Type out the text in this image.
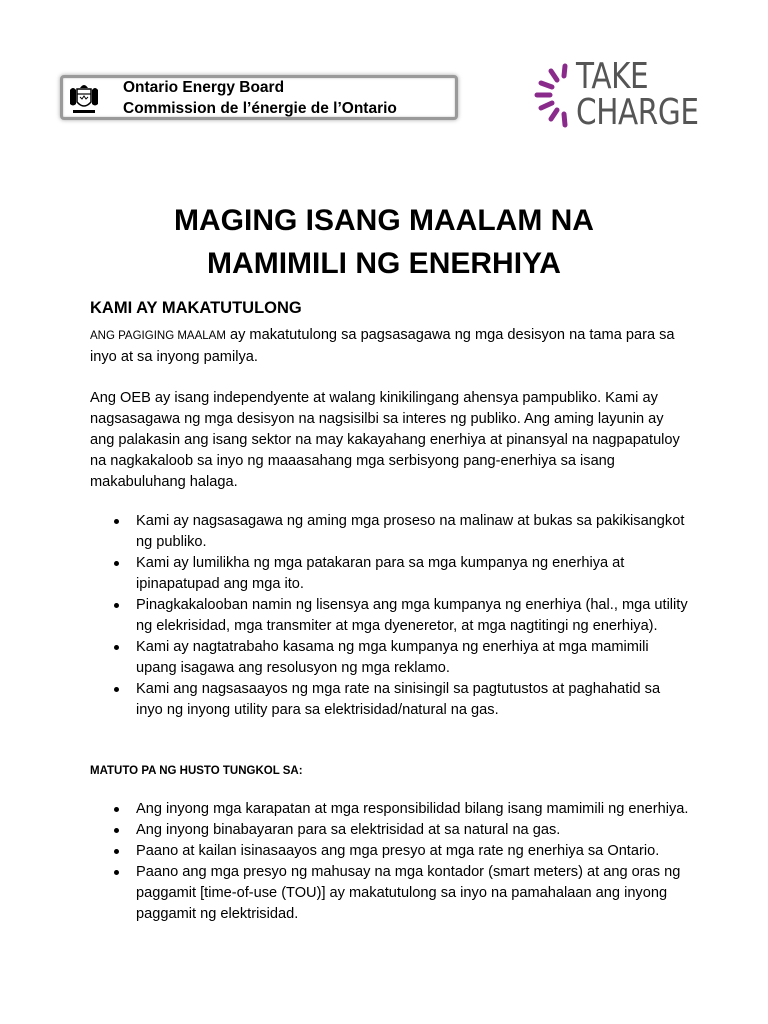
Ontario Energy Board
Commission de l’énergie de l’Ontario
TAKE
CHARGE
MAGING ISANG MAALAM NA
MAMIMILI NG ENERHIYA
KAMI AY MAKATUTULONG

ANG PAGIGING MAALAM ay makatutulong sa pagsasagawa ng mga desisyon na tama para sa inyo at sa inyong pamilya.

Ang OEB ay isang independyente at walang kinikilingang ahensya pampubliko. Kami ay nagsasagawa ng mga desisyon na nagsisilbi sa interes ng publiko. Ang aming layunin ay ang palakasin ang isang sektor na may kakayahang enerhiya at pinansyal na nagpapatuloy na nagkakaloob sa inyo ng maaasahang mga serbisyong pang-enerhiya sa isang makabuluhang halaga.

Kami ay nagsasagawa ng aming mga proseso na malinaw at bukas sa pakikisangkot ng publiko.
Kami ay lumilikha ng mga patakaran para sa mga kumpanya ng enerhiya at ipinapatupad ang mga ito.
Pinagkakalooban namin ng lisensya ang mga kumpanya ng enerhiya (hal., mga utility ng elekrisidad, mga transmiter at mga dyeneretor, at mga nagtitingi ng enerhiya).
Kami ay nagtatrabaho kasama ng mga kumpanya ng enerhiya at mga mamimili upang isagawa ang resolusyon ng mga reklamo.
Kami ang nagsasaayos ng mga rate na sinisingil sa pagtutustos at paghahatid sa inyo ng inyong utility para sa elektrisidad/natural na gas.
MATUTO PA NG HUSTO TUNGKOL SA:
Ang inyong mga karapatan at mga responsibilidad bilang isang mamimili ng enerhiya.
Ang inyong binabayaran para sa elektrisidad at sa natural na gas.
Paano at kailan isinasaayos ang mga presyo at mga rate ng enerhiya sa Ontario.
Paano ang mga presyo ng mahusay na mga kontador (smart meters) at ang oras ng paggamit [time-of-use (TOU)] ay makatutulong sa inyo na pamahalaan ang inyong paggamit ng elektrisidad.
